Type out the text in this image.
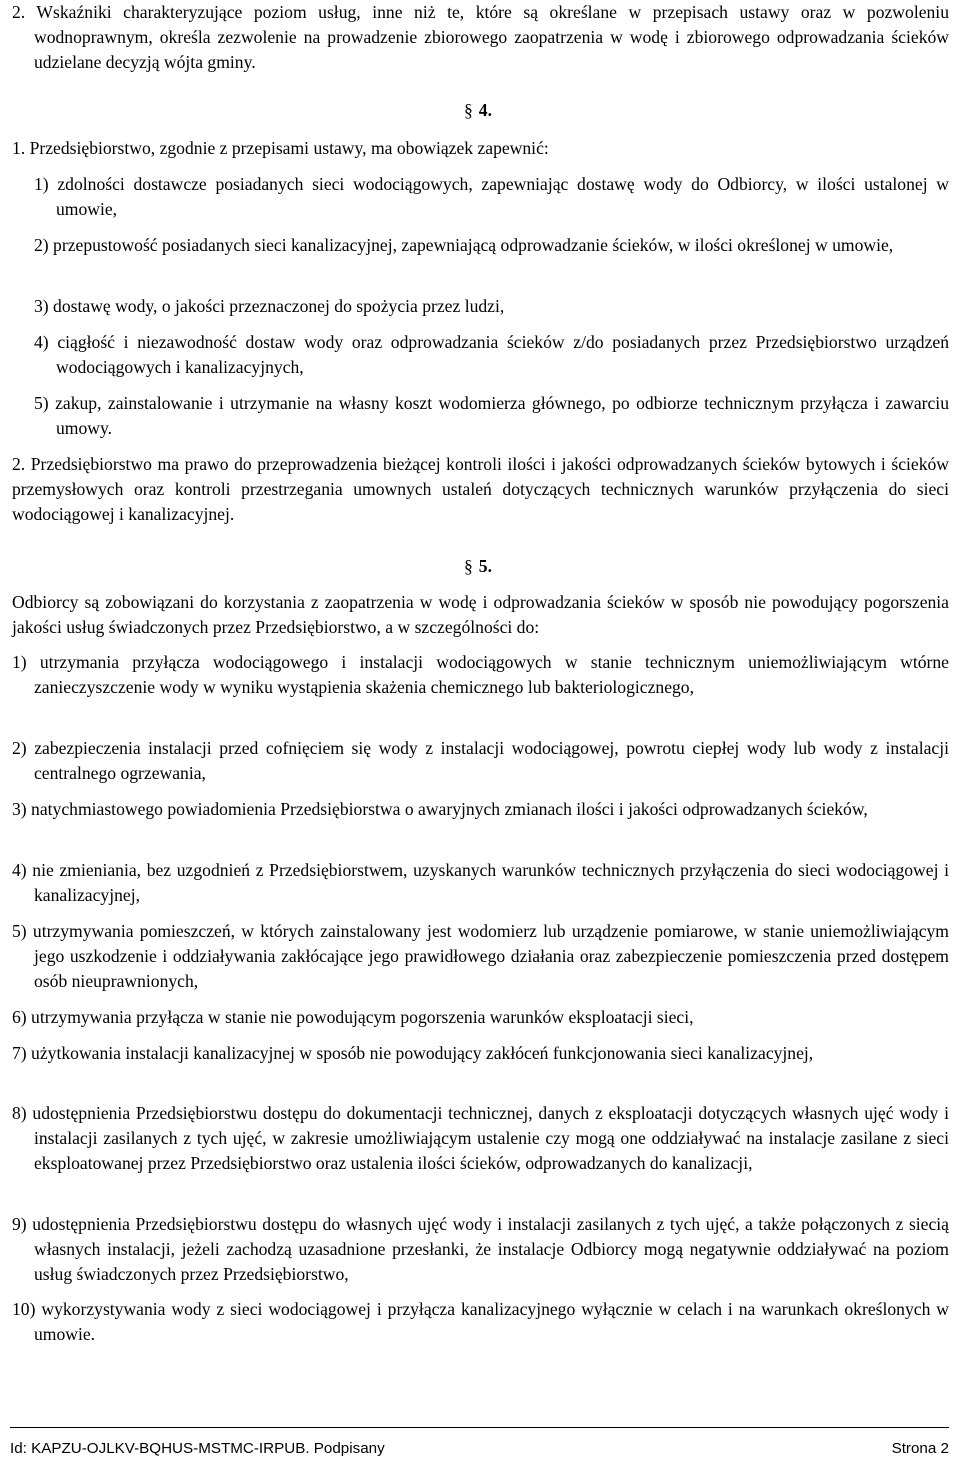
2. Wskaźniki charakteryzujące poziom usług, inne niż te, które są określane w przepisach ustawy oraz w pozwoleniu wodnoprawnym, określa zezwolenie na prowadzenie zbiorowego zaopatrzenia w wodę i zbiorowego odprowadzania ścieków udzielane decyzją wójta gminy.

§ 4.

1. Przedsiębiorstwo, zgodnie z przepisami ustawy, ma obowiązek zapewnić:

1) zdolności dostawcze posiadanych sieci wodociągowych, zapewniając dostawę wody do Odbiorcy, w ilości ustalonej w umowie,

2) przepustowość posiadanych sieci kanalizacyjnej, zapewniającą odprowadzanie ścieków, w ilości określonej w umowie,

3) dostawę wody, o jakości przeznaczonej do spożycia przez ludzi,

4) ciągłość i niezawodność dostaw wody oraz odprowadzania ścieków z/do posiadanych przez Przedsiębiorstwo urządzeń wodociągowych i kanalizacyjnych,

5) zakup, zainstalowanie i utrzymanie na własny koszt wodomierza głównego, po odbiorze technicznym przyłącza i zawarciu umowy.

2. Przedsiębiorstwo ma prawo do przeprowadzenia bieżącej kontroli ilości i jakości odprowadzanych ścieków bytowych i ścieków przemysłowych oraz kontroli przestrzegania umownych ustaleń dotyczących technicznych warunków przyłączenia do sieci wodociągowej i kanalizacyjnej.

§ 5.

Odbiorcy są zobowiązani do korzystania z zaopatrzenia w wodę i odprowadzania ścieków w sposób nie powodujący pogorszenia jakości usług świadczonych przez Przedsiębiorstwo, a w szczególności do:

1) utrzymania przyłącza wodociągowego i instalacji wodociągowych w stanie technicznym uniemożliwiającym wtórne zanieczyszczenie wody w wyniku wystąpienia skażenia chemicznego lub bakteriologicznego,

2) zabezpieczenia instalacji przed cofnięciem się wody z instalacji wodociągowej, powrotu ciepłej wody lub wody z instalacji centralnego ogrzewania,

3) natychmiastowego powiadomienia Przedsiębiorstwa o awaryjnych zmianach ilości i jakości odprowadzanych ścieków,

4) nie zmieniania, bez uzgodnień z Przedsiębiorstwem, uzyskanych warunków technicznych przyłączenia do sieci wodociągowej i kanalizacyjnej,

5) utrzymywania pomieszczeń, w których zainstalowany jest wodomierz lub urządzenie pomiarowe, w stanie uniemożliwiającym jego uszkodzenie i oddziaływania zakłócające jego prawidłowego działania oraz zabezpieczenie pomieszczenia przed dostępem osób nieuprawnionych,

6) utrzymywania przyłącza w stanie nie powodującym pogorszenia warunków eksploatacji sieci,

7) użytkowania instalacji kanalizacyjnej w sposób nie powodujący zakłóceń funkcjonowania sieci kanalizacyjnej,

8) udostępnienia Przedsiębiorstwu dostępu do dokumentacji technicznej, danych z eksploatacji dotyczących własnych ujęć wody i instalacji zasilanych z tych ujęć, w zakresie umożliwiającym ustalenie czy mogą one oddziaływać na instalacje zasilane z sieci eksploatowanej przez Przedsiębiorstwo oraz ustalenia ilości ścieków, odprowadzanych do kanalizacji,

9) udostępnienia Przedsiębiorstwu dostępu do własnych ujęć wody i instalacji zasilanych z tych ujęć, a także połączonych z siecią własnych instalacji, jeżeli zachodzą uzasadnione przesłanki, że instalacje Odbiorcy mogą negatywnie oddziaływać na poziom usług świadczonych przez Przedsiębiorstwo,

10) wykorzystywania wody z sieci wodociągowej i przyłącza kanalizacyjnego wyłącznie w celach i na warunkach określonych w umowie.

Id: KAPZU-OJLKV-BQHUS-MSTMC-IRPUB. Podpisany	Strona 2
